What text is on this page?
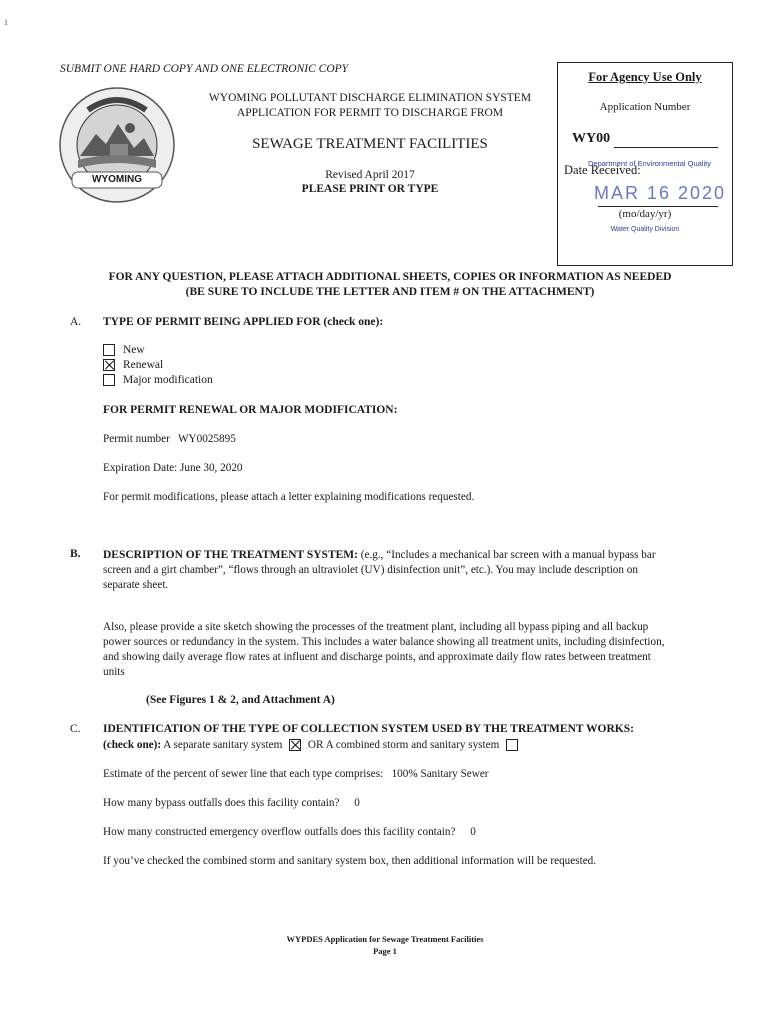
1
SUBMIT ONE HARD COPY AND ONE ELECTRONIC COPY
WYOMING
WYOMING POLLUTANT DISCHARGE ELIMINATION SYSTEM
APPLICATION FOR PERMIT TO DISCHARGE FROM
SEWAGE TREATMENT FACILITIES
Revised April 2017
PLEASE PRINT OR TYPE
For Agency Use Only
Application Number
WY00
Date Received:
Department of Environmental Quality
MAR 16 2020
(mo/day/yr)
Water Quality Division
FOR ANY QUESTION, PLEASE ATTACH ADDITIONAL SHEETS, COPIES OR INFORMATION AS NEEDED
(BE SURE TO INCLUDE THE LETTER AND ITEM # ON THE ATTACHMENT)
A. TYPE OF PERMIT BEING APPLIED FOR (check one):
New
Renewal
Major modification
FOR PERMIT RENEWAL OR MAJOR MODIFICATION:
Permit number   WY0025895
Expiration Date: June 30, 2020
For permit modifications, please attach a letter explaining modifications requested.
B. DESCRIPTION OF THE TREATMENT SYSTEM: (e.g., “Includes a mechanical bar screen with a manual bypass bar
screen and a girt chamber”, “flows through an ultraviolet (UV) disinfection unit”, etc.). You may include description on
separate sheet.
Also, please provide a site sketch showing the processes of the treatment plant, including all bypass piping and all backup
power sources or redundancy in the system. This includes a water balance showing all treatment units, including disinfection,
and showing daily average flow rates at influent and discharge points, and approximate daily flow rates between treatment
units
(See Figures 1 & 2, and Attachment A)
C. IDENTIFICATION OF THE TYPE OF COLLECTION SYSTEM USED BY THE TREATMENT WORKS:
(check one): A separate sanitary system OR A combined storm and sanitary system
Estimate of the percent of sewer line that each type comprises:   100% Sanitary Sewer
How many bypass outfalls does this facility contain? 0
How many constructed emergency overflow outfalls does this facility contain? 0
If you’ve checked the combined storm and sanitary system box, then additional information will be requested.
WYPDES Application for Sewage Treatment Facilities
Page 1
